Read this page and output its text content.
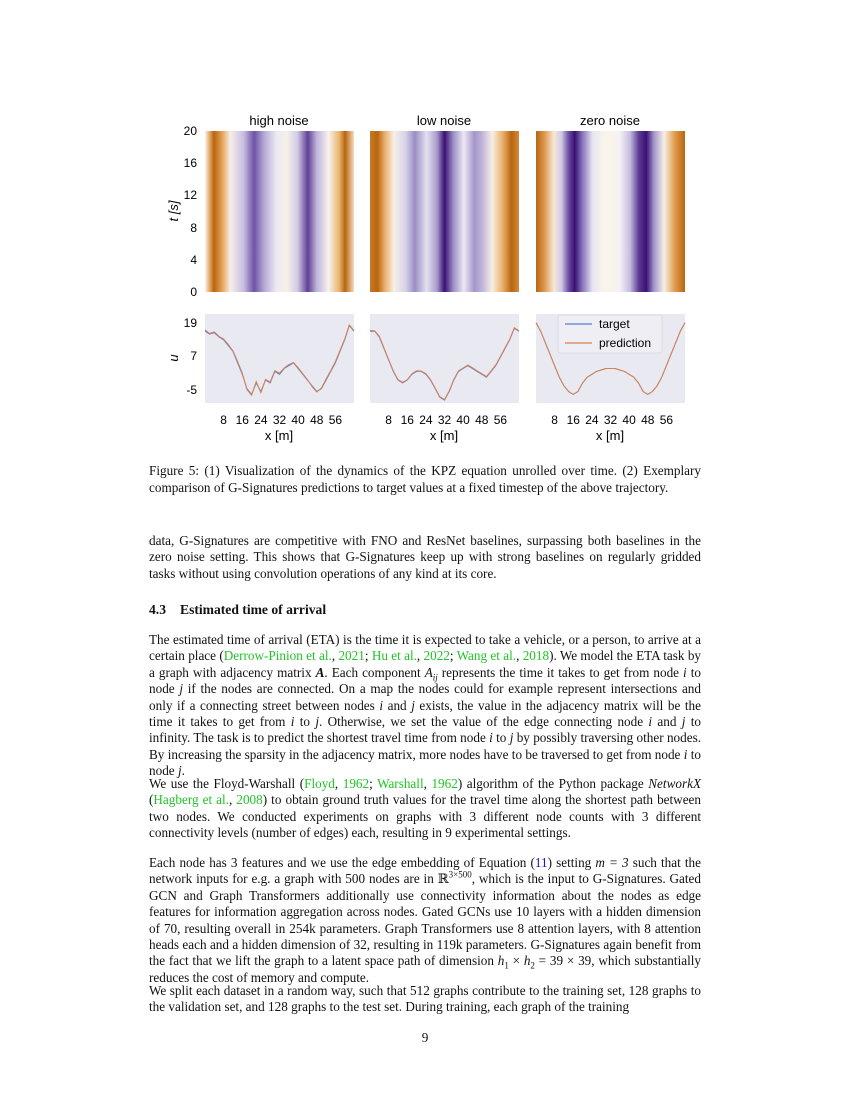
high noise	low noise	zero noise
0
4
8
12
16
20
t [s]
19
7
-5
u
8 16 24 32 40 48 56	8 16 24 32 40 48 56	8 16 24 32 40 48 56
x [m]	x [m]	x [m]
target
prediction
Figure 5: (1) Visualization of the dynamics of the KPZ equation unrolled over time. (2) Exemplary comparison of G-Signatures predictions to target values at a fixed timestep of the above trajectory.

data, G-Signatures are competitive with FNO and ResNet baselines, surpassing both baselines in the zero noise setting. This shows that G-Signatures keep up with strong baselines on regularly gridded tasks without using convolution operations of any kind at its core.

4.3 Estimated time of arrival

The estimated time of arrival (ETA) is the time it is expected to take a vehicle, or a person, to arrive at a certain place (Derrow-Pinion et al., 2021; Hu et al., 2022; Wang et al., 2018). We model the ETA task by a graph with adjacency matrix A. Each component $A_{ij}$ represents the time it takes to get from node i to node j if the nodes are connected. On a map the nodes could for example represent intersections and only if a connecting street between nodes i and j exists, the value in the adjacency matrix will be the time it takes to get from i to j. Otherwise, we set the value of the edge connecting node i and j to infinity. The task is to predict the shortest travel time from node i to j by possibly traversing other nodes. By increasing the sparsity in the adjacency matrix, more nodes have to be traversed to get from node i to node j.

We use the Floyd-Warshall (Floyd, 1962; Warshall, 1962) algorithm of the Python package NetworkX (Hagberg et al., 2008) to obtain ground truth values for the travel time along the shortest path between two nodes. We conducted experiments on graphs with 3 different node counts with 3 different connectivity levels (number of edges) each, resulting in 9 experimental settings.

Each node has 3 features and we use the edge embedding of Equation (11) setting m = 3 such that the network inputs for e.g. a graph with 500 nodes are in ℝ$^{3\times 500}$, which is the input to G-Signatures. Gated GCN and Graph Transformers additionally use connectivity information about the nodes as edge features for information aggregation across nodes. Gated GCNs use 10 layers with a hidden dimension of 70, resulting overall in 254k parameters. Graph Transformers use 8 attention layers, with 8 attention heads each and a hidden dimension of 32, resulting in 119k parameters. G-Signatures again benefit from the fact that we lift the graph to a latent space path of dimension $h_1 \times h_2 = 39 \times 39$, which substantially reduces the cost of memory and compute.

We split each dataset in a random way, such that 512 graphs contribute to the training set, 128 graphs to the validation set, and 128 graphs to the test set. During training, each graph of the training

9
